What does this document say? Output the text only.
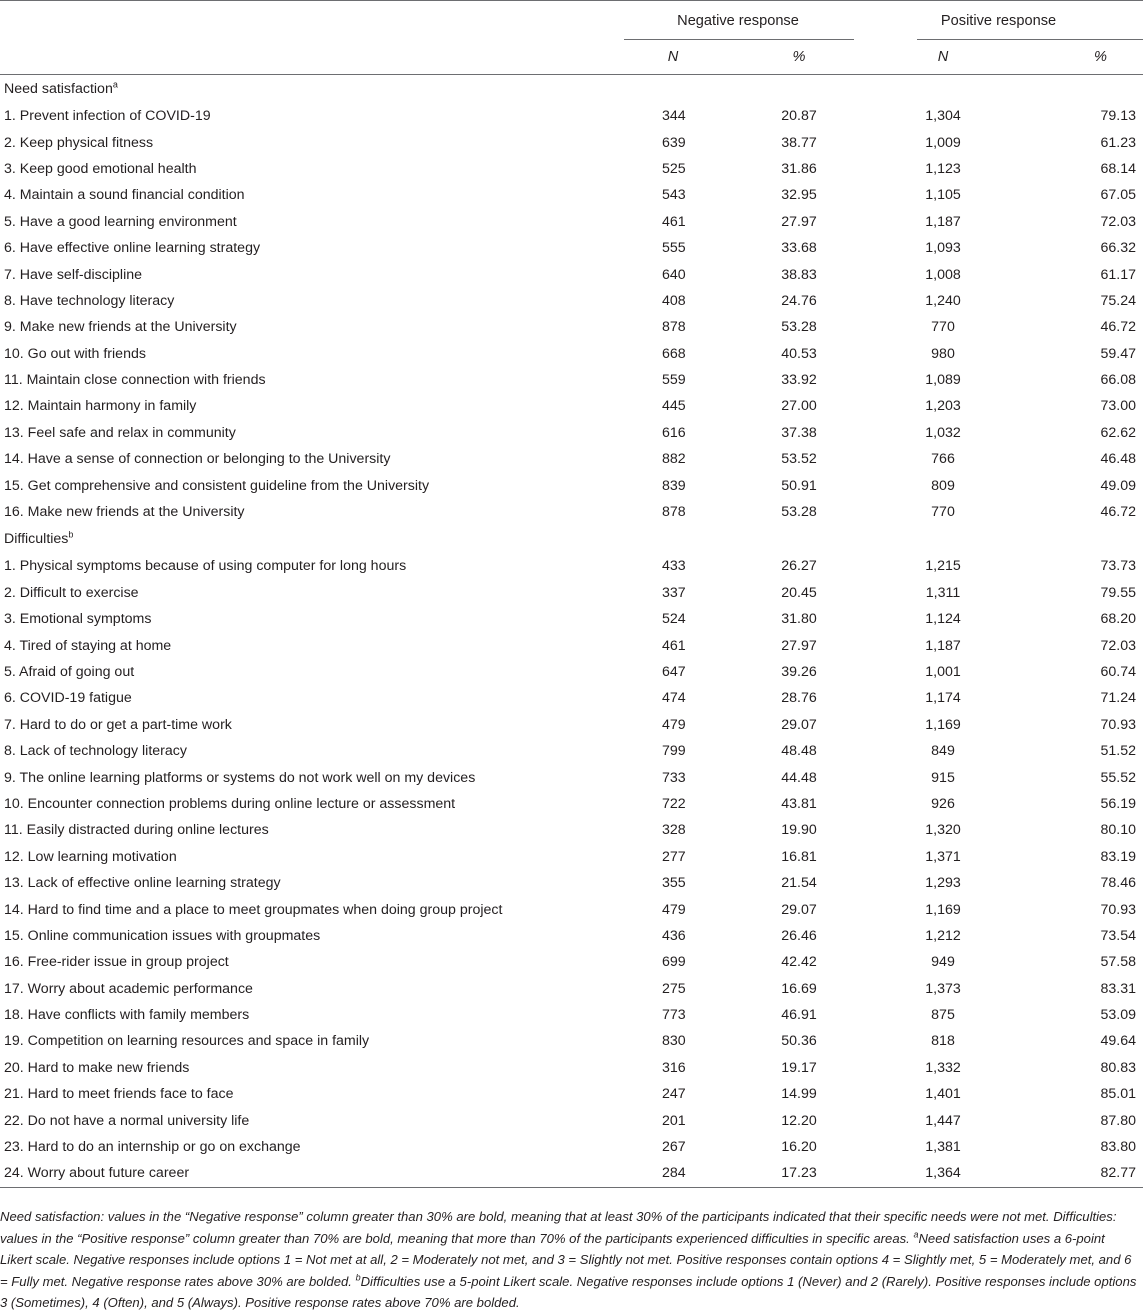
	Negative response		Positive response	
	N	%	N	%
Need satisfaction$^a$
1. Prevent infection of COVID-19	344	20.87	1,304	79.13
2. Keep physical fitness	639	38.77	1,009	61.23
3. Keep good emotional health	525	31.86	1,123	68.14
4. Maintain a sound financial condition	543	32.95	1,105	67.05
5. Have a good learning environment	461	27.97	1,187	72.03
6. Have effective online learning strategy	555	33.68	1,093	66.32
7. Have self-discipline	640	38.83	1,008	61.17
8. Have technology literacy	408	24.76	1,240	75.24
9. Make new friends at the University	878	53.28	770	46.72
10. Go out with friends	668	40.53	980	59.47
11. Maintain close connection with friends	559	33.92	1,089	66.08
12. Maintain harmony in family	445	27.00	1,203	73.00
13. Feel safe and relax in community	616	37.38	1,032	62.62
14. Have a sense of connection or belonging to the University	882	53.52	766	46.48
15. Get comprehensive and consistent guideline from the University	839	50.91	809	49.09
16. Make new friends at the University	878	53.28	770	46.72
Difficulties$^b$
1. Physical symptoms because of using computer for long hours	433	26.27	1,215	73.73
2. Difficult to exercise	337	20.45	1,311	79.55
3. Emotional symptoms	524	31.80	1,124	68.20
4. Tired of staying at home	461	27.97	1,187	72.03
5. Afraid of going out	647	39.26	1,001	60.74
6. COVID-19 fatigue	474	28.76	1,174	71.24
7. Hard to do or get a part-time work	479	29.07	1,169	70.93
8. Lack of technology literacy	799	48.48	849	51.52
9. The online learning platforms or systems do not work well on my devices	733	44.48	915	55.52
10. Encounter connection problems during online lecture or assessment	722	43.81	926	56.19
11. Easily distracted during online lectures	328	19.90	1,320	80.10
12. Low learning motivation	277	16.81	1,371	83.19
13. Lack of effective online learning strategy	355	21.54	1,293	78.46
14. Hard to find time and a place to meet groupmates when doing group project	479	29.07	1,169	70.93
15. Online communication issues with groupmates	436	26.46	1,212	73.54
16. Free-rider issue in group project	699	42.42	949	57.58
17. Worry about academic performance	275	16.69	1,373	83.31
18. Have conflicts with family members	773	46.91	875	53.09
19. Competition on learning resources and space in family	830	50.36	818	49.64
20. Hard to make new friends	316	19.17	1,332	80.83
21. Hard to meet friends face to face	247	14.99	1,401	85.01
22. Do not have a normal university life	201	12.20	1,447	87.80
23. Hard to do an internship or go on exchange	267	16.20	1,381	83.80
24. Worry about future career	284	17.23	1,364	82.77
Need satisfaction: values in the “Negative response” column greater than 30% are bold, meaning that at least 30% of the participants indicated that their specific needs were not met. Difficulties: values in the “Positive response” column greater than 70% are bold, meaning that more than 70% of the participants experienced difficulties in specific areas. $^a$Need satisfaction uses a 6-point Likert scale. Negative responses include options 1 = Not met at all, 2 = Moderately not met, and 3 = Slightly not met. Positive responses contain options 4 = Slightly met, 5 = Moderately met, and 6 = Fully met. Negative response rates above 30% are bolded. $^b$Difficulties use a 5-point Likert scale. Negative responses include options 1 (Never) and 2 (Rarely). Positive responses include options 3 (Sometimes), 4 (Often), and 5 (Always). Positive response rates above 70% are bolded.
